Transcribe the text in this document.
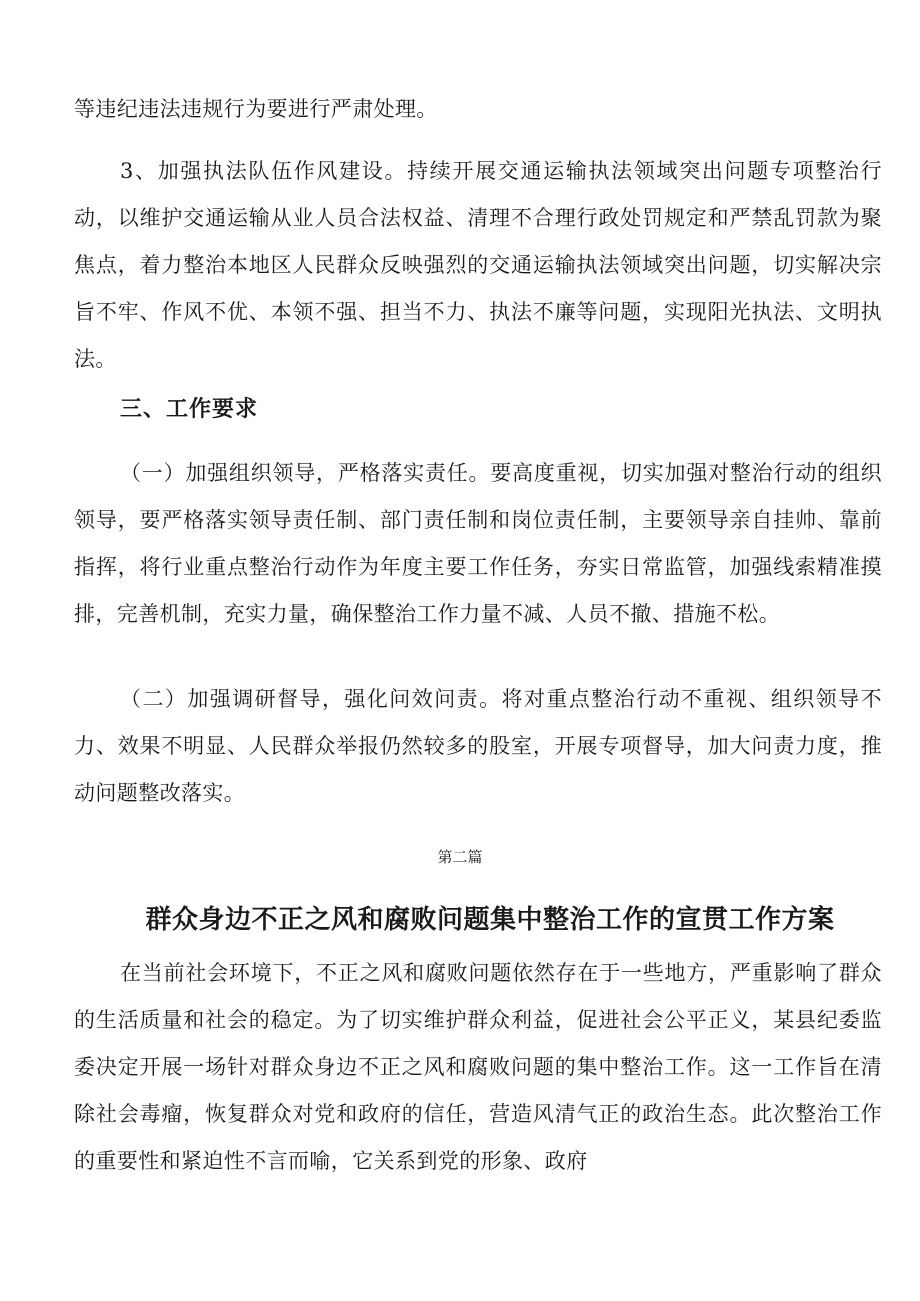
等违纪违法违规行为要进行严肃处理。

3、加强执法队伍作风建设。持续开展交通运输执法领域突出问题专项整治行动，以维护交通运输从业人员合法权益、清理不合理行政处罚规定和严禁乱罚款为聚焦点，着力整治本地区人民群众反映强烈的交通运输执法领域突出问题，切实解决宗旨不牢、作风不优、本领不强、担当不力、执法不廉等问题，实现阳光执法、文明执法。

三、工作要求

（一）加强组织领导，严格落实责任。要高度重视，切实加强对整治行动的组织领导，要严格落实领导责任制、部门责任制和岗位责任制，主要领导亲自挂帅、靠前指挥，将行业重点整治行动作为年度主要工作任务，夯实日常监管，加强线索精准摸排，完善机制，充实力量，确保整治工作力量不减、人员不撤、措施不松。

（二）加强调研督导，强化问效问责。将对重点整治行动不重视、组织领导不力、效果不明显、人民群众举报仍然较多的股室，开展专项督导，加大问责力度，推动问题整改落实。

第二篇

群众身边不正之风和腐败问题集中整治工作的宣贯工作方案

在当前社会环境下，不正之风和腐败问题依然存在于一些地方，严重影响了群众的生活质量和社会的稳定。为了切实维护群众利益，促进社会公平正义，某县纪委监委决定开展一场针对群众身边不正之风和腐败问题的集中整治工作。这一工作旨在清除社会毒瘤，恢复群众对党和政府的信任，营造风清气正的政治生态。此次整治工作的重要性和紧迫性不言而喻，它关系到党的形象、政府
